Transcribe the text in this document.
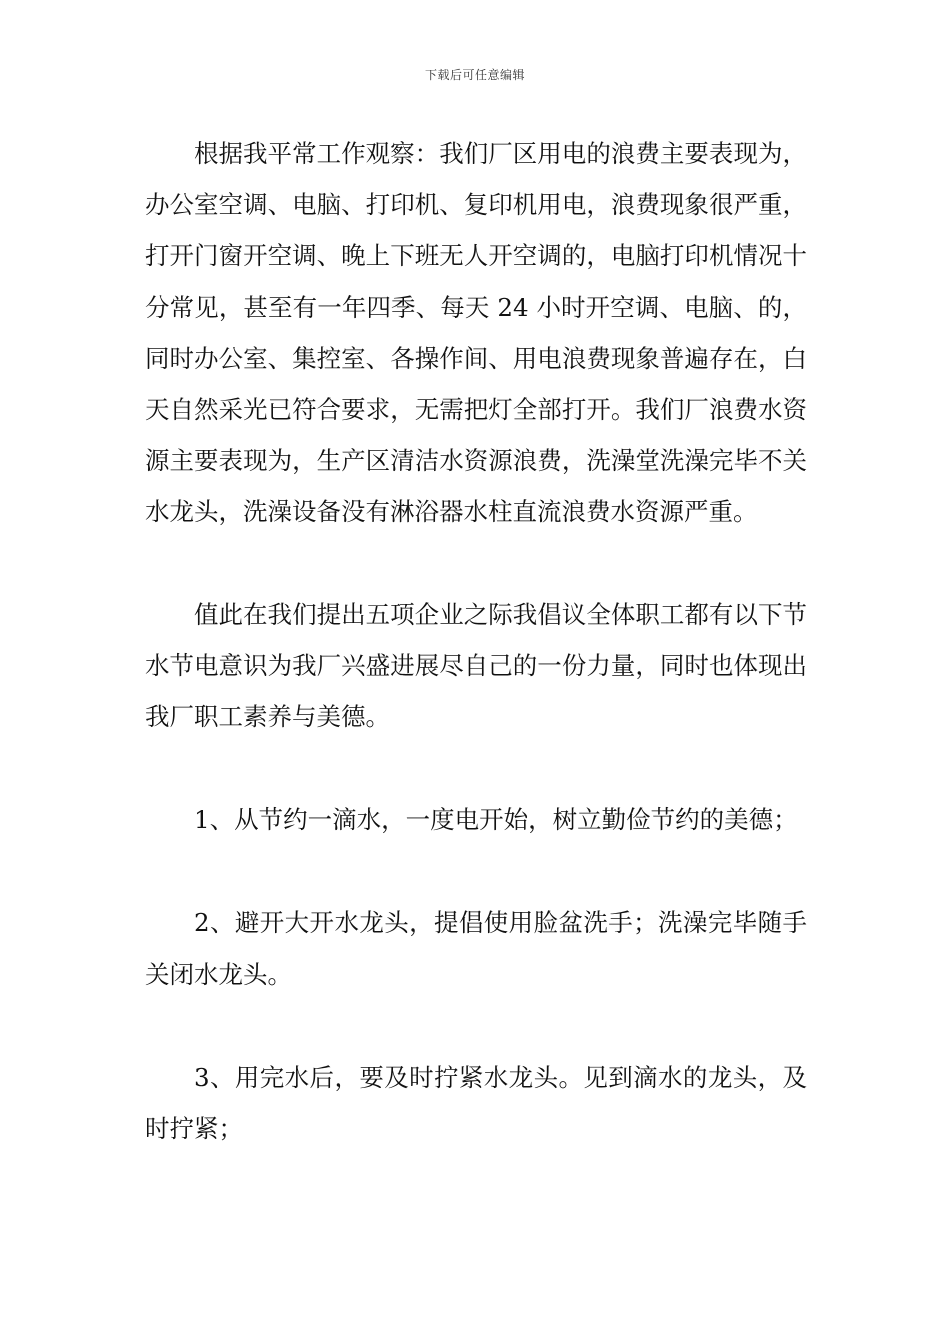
下载后可任意编辑

根据我平常工作观察：我们厂区用电的浪费主要表现为，办公室空调、电脑、打印机、复印机用电，浪费现象很严重，打开门窗开空调、晚上下班无人开空调的，电脑打印机情况十分常见，甚至有一年四季、每天 24 小时开空调、电脑、的，同时办公室、集控室、各操作间、用电浪费现象普遍存在，白天自然采光已符合要求，无需把灯全部打开。我们厂浪费水资源主要表现为，生产区清洁水资源浪费，洗澡堂洗澡完毕不关水龙头，洗澡设备没有淋浴器水柱直流浪费水资源严重。

值此在我们提出五项企业之际我倡议全体职工都有以下节水节电意识为我厂兴盛进展尽自己的一份力量，同时也体现出我厂职工素养与美德。

1、从节约一滴水，一度电开始，树立勤俭节约的美德；

2、避开大开水龙头，提倡使用脸盆洗手；洗澡完毕随手关闭水龙头。

3、用完水后，要及时拧紧水龙头。见到滴水的龙头，及时拧紧；
